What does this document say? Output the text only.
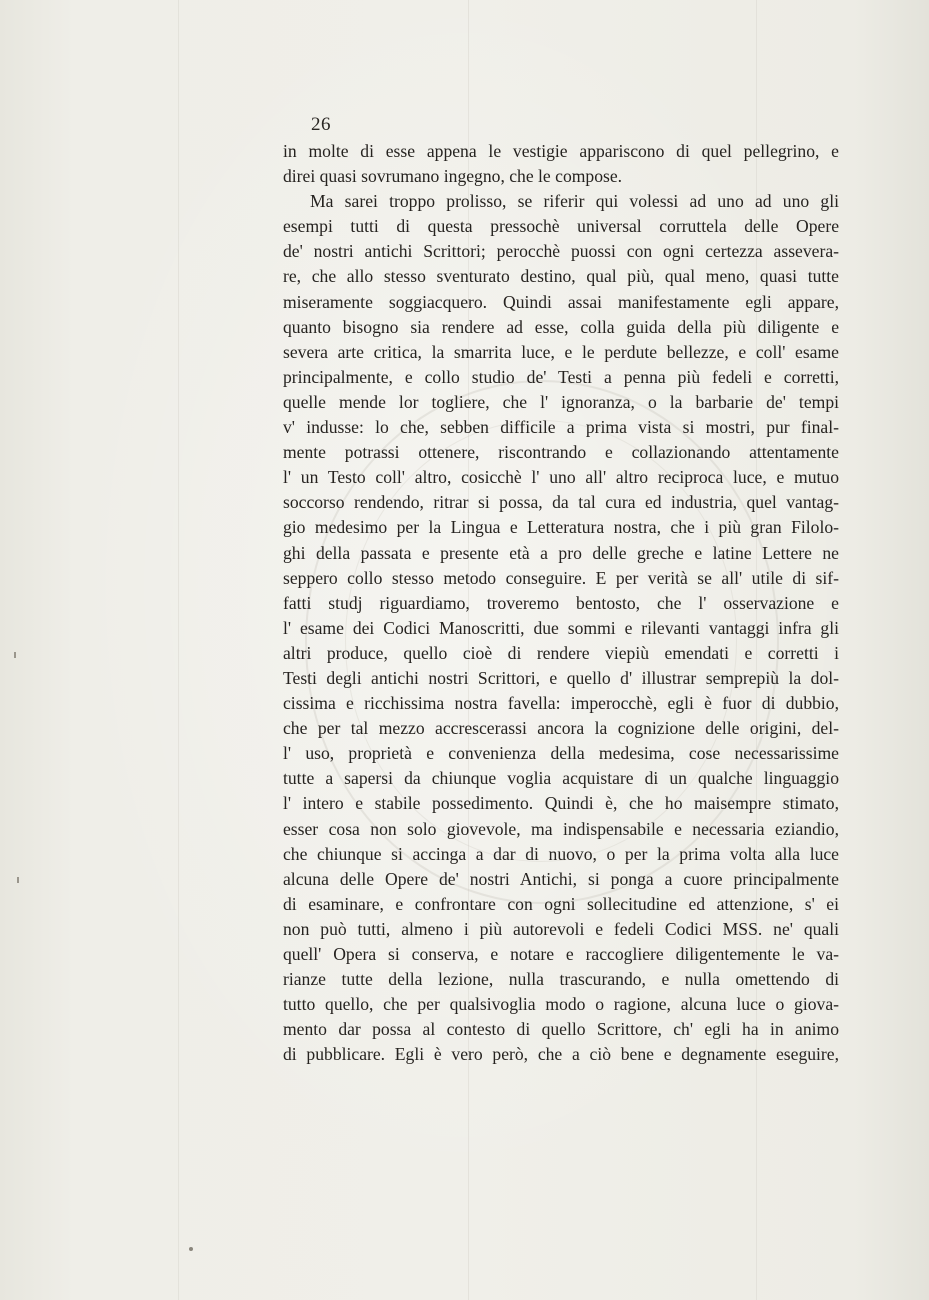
26
in molte di esse appena le vestigie appariscono di quel pellegrino, e
direi quasi sovrumano ingegno, che le compose.
Ma sarei troppo prolisso, se riferir qui volessi ad uno ad uno gli
esempi tutti di questa pressochè universal corruttela delle Opere
de' nostri antichi Scrittori; perocchè puossi con ogni certezza assevera-
re, che allo stesso sventurato destino, qual più, qual meno, quasi tutte
miseramente soggiacquero. Quindi assai manifestamente egli appare,
quanto bisogno sia rendere ad esse, colla guida della più diligente e
severa arte critica, la smarrita luce, e le perdute bellezze, e coll' esame
principalmente, e collo studio de' Testi a penna più fedeli e corretti,
quelle mende lor togliere, che l' ignoranza, o la barbarie de' tempi
v' indusse: lo che, sebben difficile a prima vista si mostri, pur final-
mente potrassi ottenere, riscontrando e collazionando attentamente
l' un Testo coll' altro, cosicchè l' uno all' altro reciproca luce, e mutuo
soccorso rendendo, ritrar si possa, da tal cura ed industria, quel vantag-
gio medesimo per la Lingua e Letteratura nostra, che i più gran Filolo-
ghi della passata e presente età a pro delle greche e latine Lettere ne
seppero collo stesso metodo conseguire. E per verità se all' utile di sif-
fatti studj riguardiamo, troveremo bentosto, che l' osservazione e
l' esame dei Codici Manoscritti, due sommi e rilevanti vantaggi infra gli
altri produce, quello cioè di rendere viepiù emendati e corretti i
Testi degli antichi nostri Scrittori, e quello d' illustrar semprepiù la dol-
cissima e ricchissima nostra favella: imperocchè, egli è fuor di dubbio,
che per tal mezzo accrescerassi ancora la cognizione delle origini, del-
l' uso, proprietà e convenienza della medesima, cose necessarissime
tutte a sapersi da chiunque voglia acquistare di un qualche linguaggio
l' intero e stabile possedimento. Quindi è, che ho maisempre stimato,
esser cosa non solo giovevole, ma indispensabile e necessaria eziandio,
che chiunque si accinga a dar di nuovo, o per la prima volta alla luce
alcuna delle Opere de' nostri Antichi, si ponga a cuore principalmente
di esaminare, e confrontare con ogni sollecitudine ed attenzione, s' ei
non può tutti, almeno i più autorevoli e fedeli Codici MSS. ne' quali
quell' Opera si conserva, e notare e raccogliere diligentemente le va-
rianze tutte della lezione, nulla trascurando, e nulla omettendo di
tutto quello, che per qualsivoglia modo o ragione, alcuna luce o giova-
mento dar possa al contesto di quello Scrittore, ch' egli ha in animo
di pubblicare. Egli è vero però, che a ciò bene e degnamente eseguire,
